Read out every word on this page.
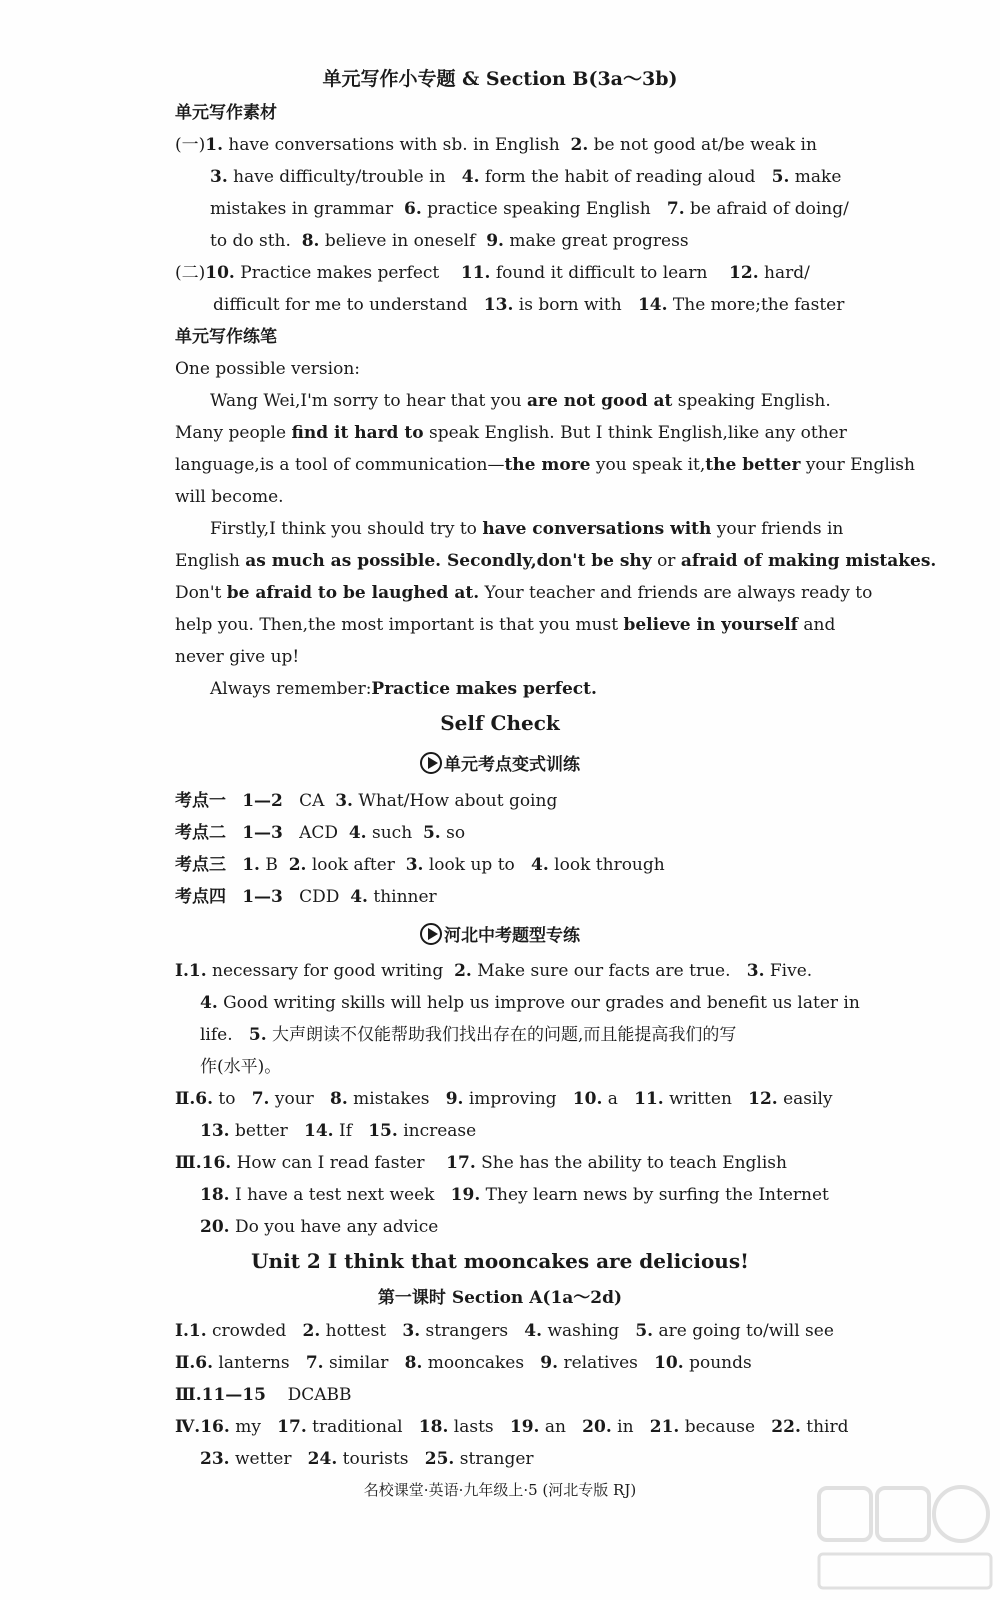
单元写作小专题 & Section B(3a～3b)
单元写作素材
(一)1. have conversations with sb. in English 2. be not good at/be weak in
3. have difficulty/trouble in 4. form the habit of reading aloud 5. make
mistakes in grammar 6. practice speaking English 7. be afraid of doing/
to do sth. 8. believe in oneself 9. make great progress
(二)10. Practice makes perfect 11. found it difficult to learn 12. hard/
difficult for me to understand 13. is born with 14. The more;the faster
单元写作练笔
One possible version:
Wang Wei,I'm sorry to hear that you are not good at speaking English.
Many people find it hard to speak English. But I think English,like any other
language,is a tool of communication—the more you speak it,the better your English
will become.
Firstly,I think you should try to have conversations with your friends in
English as much as possible. Secondly,don't be shy or afraid of making mistakes.
Don't be afraid to be laughed at. Your teacher and friends are always ready to
help you. Then,the most important is that you must believe in yourself and
never give up!
Always remember:Practice makes perfect.
Self Check
单元考点变式训练
考点一 1—2 CA 3. What/How about going
考点二 1—3 ACD 4. such 5. so
考点三 1. B 2. look after 3. look up to 4. look through
考点四 1—3 CDD 4. thinner
河北中考题型专练
Ⅰ.1. necessary for good writing 2. Make sure our facts are true. 3. Five.
4. Good writing skills will help us improve our grades and benefit us later in
life. 5. 大声朗读不仅能帮助我们找出存在的问题,而且能提高我们的写
作(水平)。
Ⅱ.6. to 7. your 8. mistakes 9. improving 10. a 11. written 12. easily
13. better 14. If 15. increase
Ⅲ.16. How can I read faster 17. She has the ability to teach English
18. I have a test next week 19. They learn news by surfing the Internet
20. Do you have any advice
Unit 2 I think that mooncakes are delicious!
第一课时 Section A(1a～2d)
Ⅰ.1. crowded 2. hottest 3. strangers 4. washing 5. are going to/will see
Ⅱ.6. lanterns 7. similar 8. mooncakes 9. relatives 10. pounds
Ⅲ.11—15 DCABB
Ⅳ.16. my 17. traditional 18. lasts 19. an 20. in 21. because 22. third
23. wetter 24. tourists 25. stranger
名校课堂·英语·九年级上·5 (河北专版 RJ)
